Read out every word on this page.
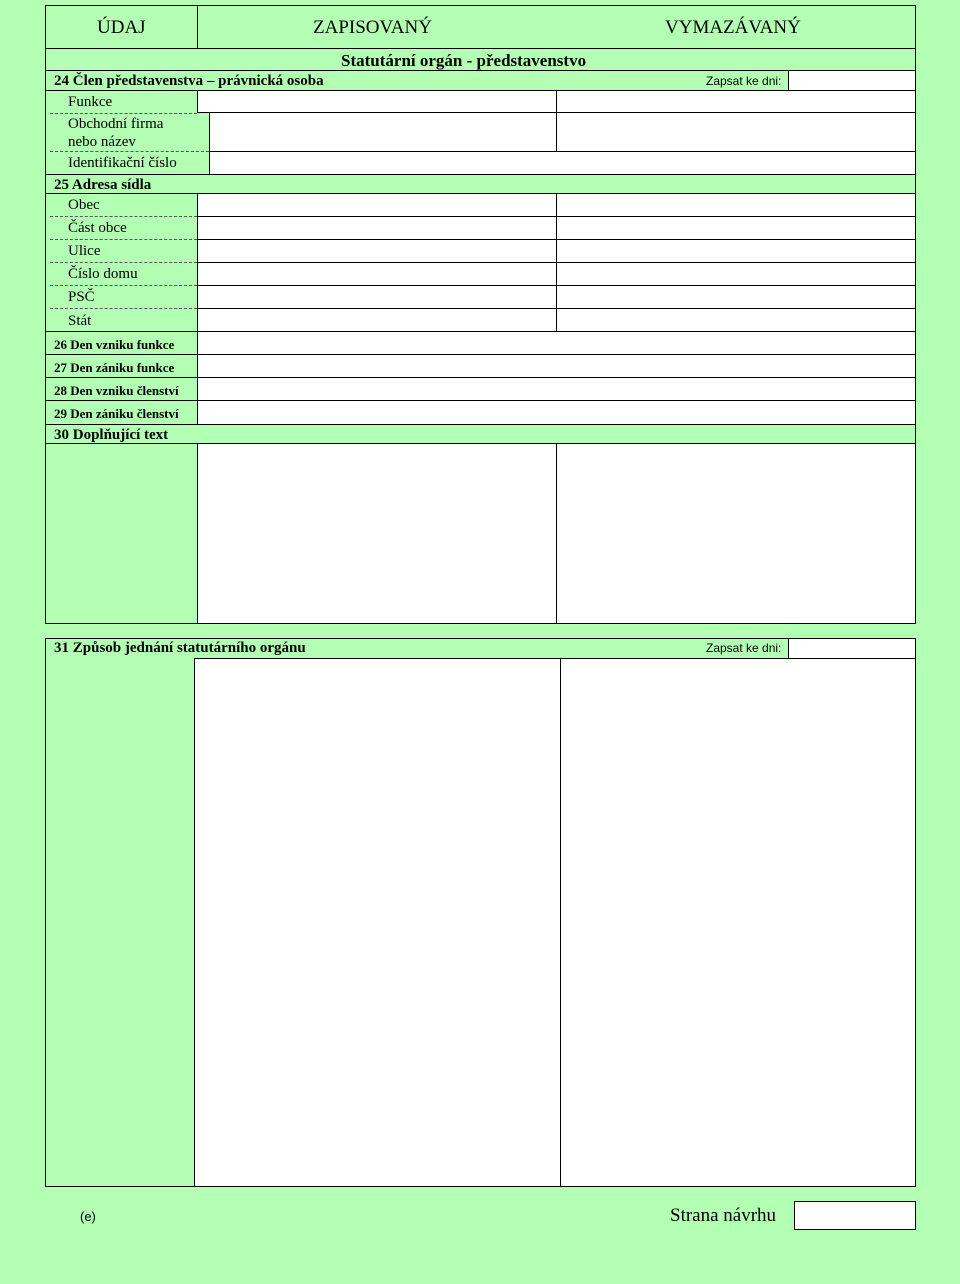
ÚDAJ	ZAPISOVANÝ	VYMAZÁVANÝ
Statutární orgán - představenstvo
24 Člen představenstva – právnická osoba	Zapsat ke dni:
Funkce
Obchodní firma
nebo název
Identifikační číslo
25 Adresa sídla
Obec
Část obce
Ulice
Číslo domu
PSČ
Stát
26 Den vzniku funkce
27 Den zániku funkce
28 Den vzniku členství
29 Den zániku členství
30 Doplňující text
31 Způsob jednání statutárního orgánu	Zapsat ke dni:
(e)	Strana návrhu
